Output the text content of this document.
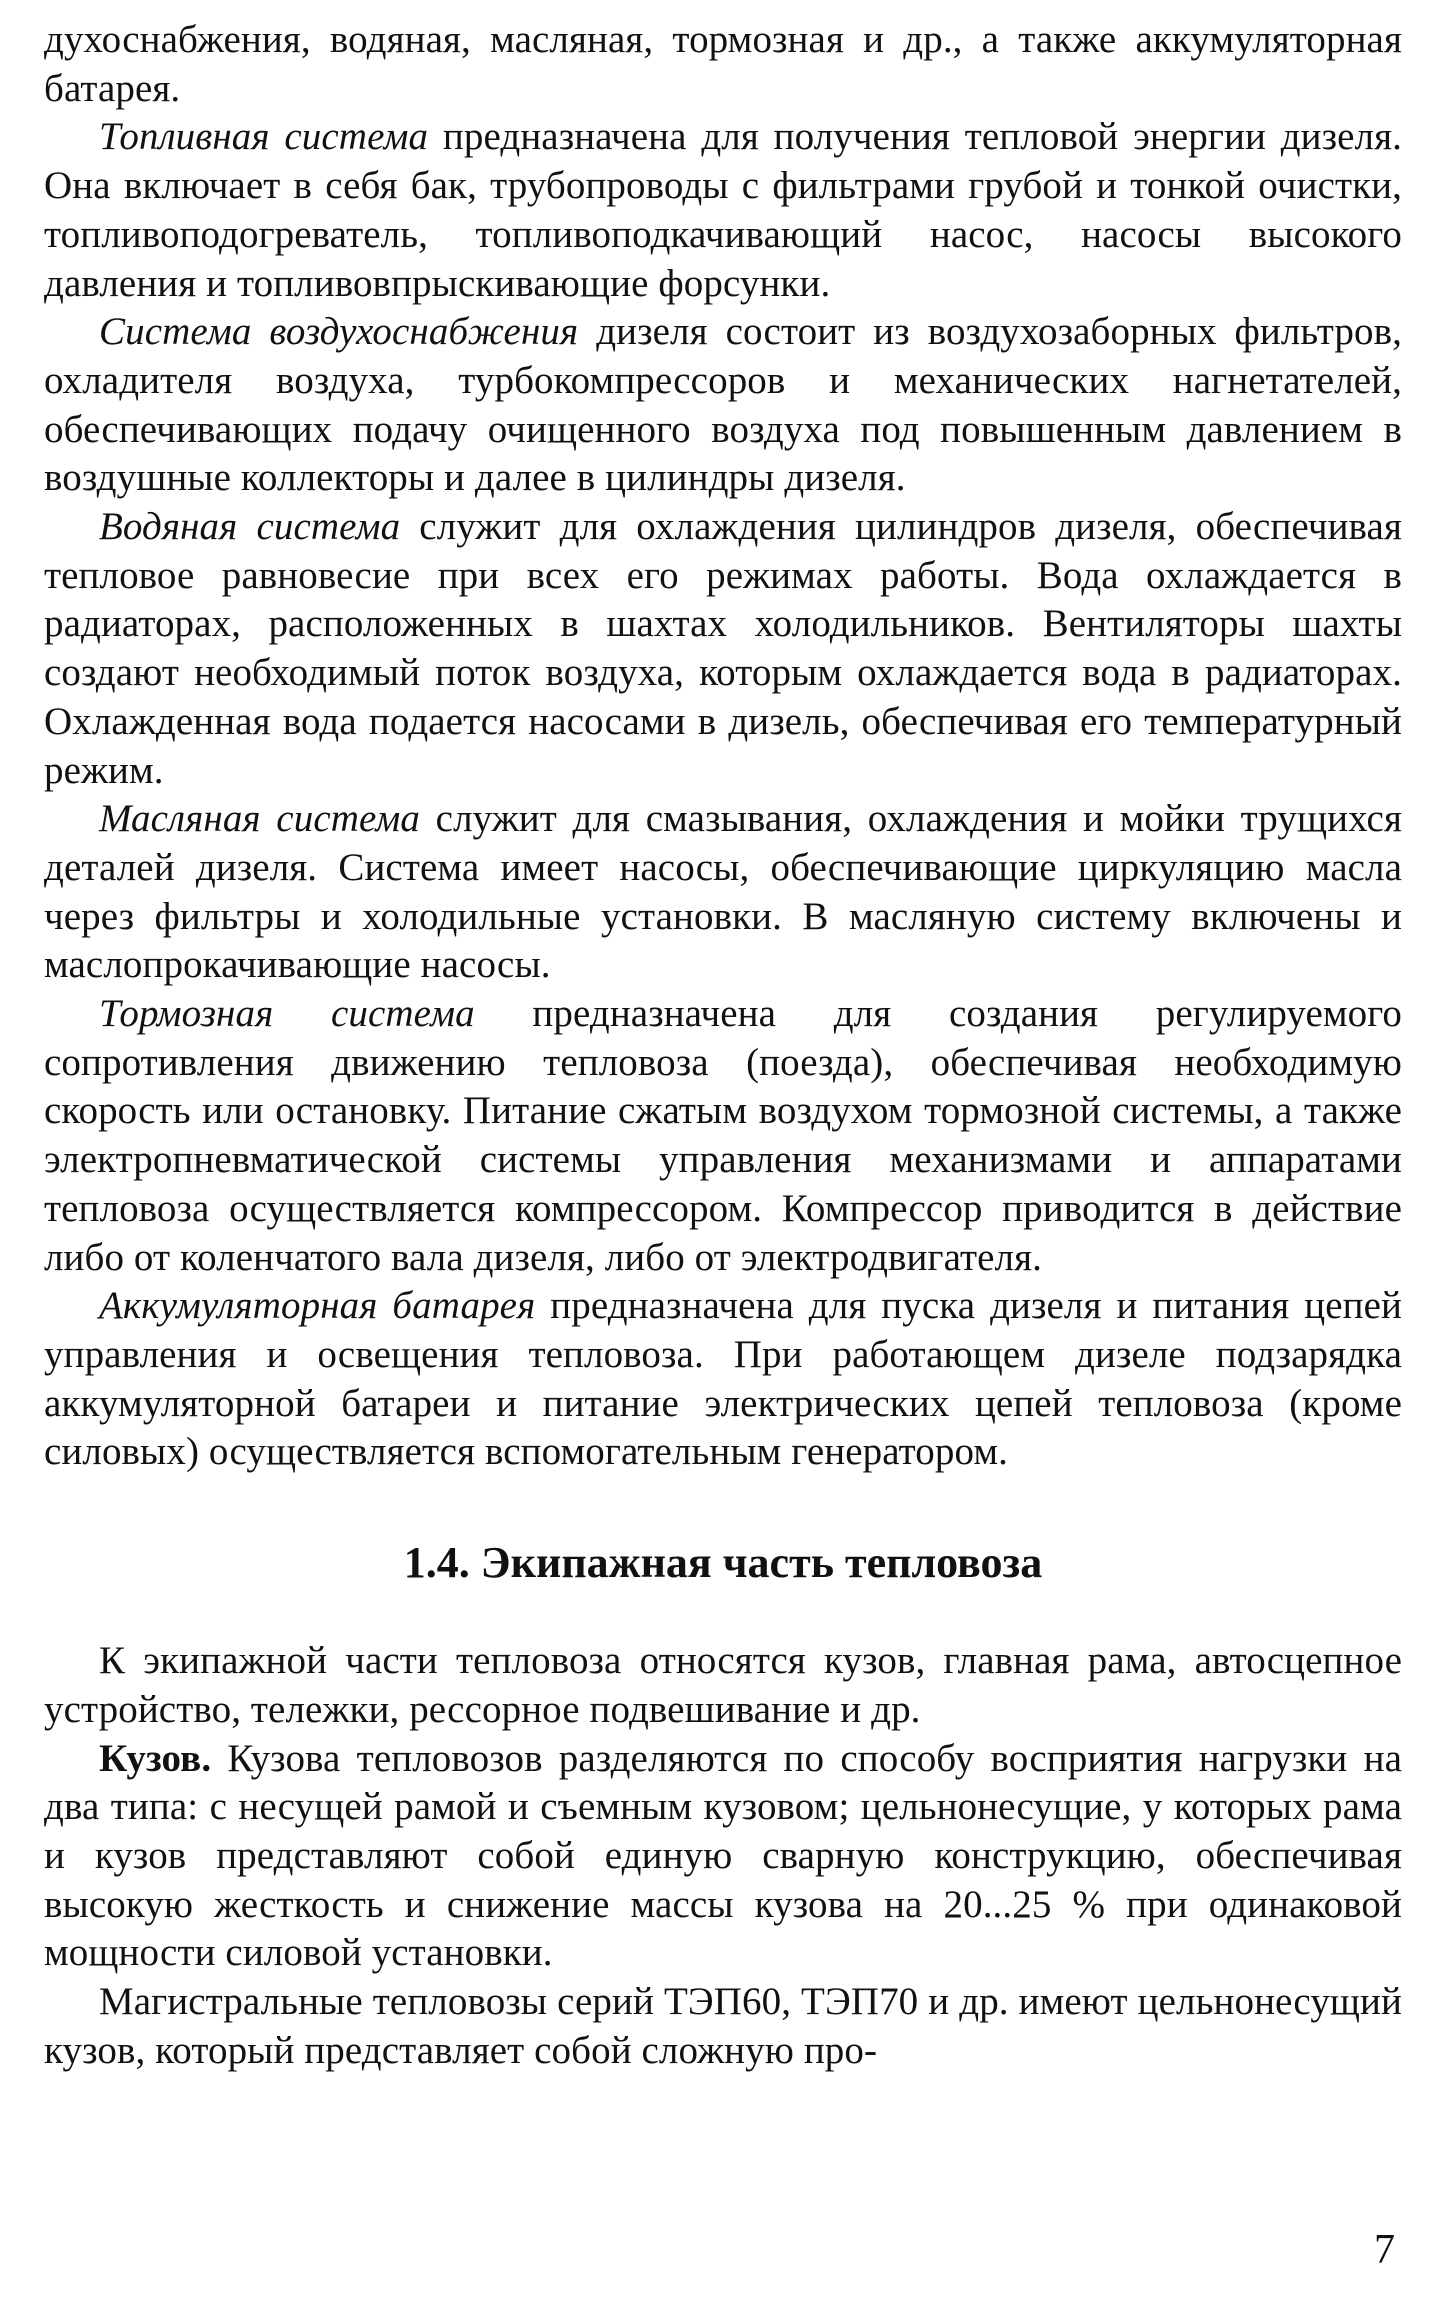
духоснабжения, водяная, масляная, тормозная и др., а также аккумуляторная батарея.

Топливная система предназначена для получения тепловой энергии дизеля. Она включает в себя бак, трубопроводы с фильтрами грубой и тонкой очистки, топливоподогреватель, топливоподкачивающий насос, насосы высокого давления и топливовпрыскивающие форсунки.

Система воздухоснабжения дизеля состоит из воздухозаборных фильтров, охладителя воздуха, турбокомпрессоров и механических нагнетателей, обеспечивающих подачу очищенного воздуха под повышенным давлением в воздушные коллекторы и далее в цилиндры дизеля.

Водяная система служит для охлаждения цилиндров дизеля, обеспечивая тепловое равновесие при всех его режимах работы. Вода охлаждается в радиаторах, расположенных в шахтах холодильников. Вентиляторы шахты создают необходимый поток воздуха, которым охлаждается вода в радиаторах. Охлажденная вода подается насосами в дизель, обеспечивая его температурный режим.

Масляная система служит для смазывания, охлаждения и мойки трущихся деталей дизеля. Система имеет насосы, обеспечивающие циркуляцию масла через фильтры и холодильные установки. В масляную систему включены и маслопрокачивающие насосы.

Тормозная система предназначена для создания регулируемого сопротивления движению тепловоза (поезда), обеспечивая необходимую скорость или остановку. Питание сжатым воздухом тормозной системы, а также электропневматической системы управления механизмами и аппаратами тепловоза осуществляется компрессором. Компрессор приводится в действие либо от коленчатого вала дизеля, либо от электродвигателя.

Аккумуляторная батарея предназначена для пуска дизеля и питания цепей управления и освещения тепловоза. При работающем дизеле подзарядка аккумуляторной батареи и питание электрических цепей тепловоза (кроме силовых) осуществляется вспомогательным генератором.

1.4. Экипажная часть тепловоза

К экипажной части тепловоза относятся кузов, главная рама, автосцепное устройство, тележки, рессорное подвешивание и др.

Кузов. Кузова тепловозов разделяются по способу восприятия нагрузки на два типа: с несущей рамой и съемным кузовом; цельнонесущие, у которых рама и кузов представляют собой единую сварную конструкцию, обеспечивая высокую жесткость и снижение массы кузова на 20...25 % при одинаковой мощности силовой установки.

Магистральные тепловозы серий ТЭП60, ТЭП70 и др. имеют цельнонесущий кузов, который представляет собой сложную про-

7
